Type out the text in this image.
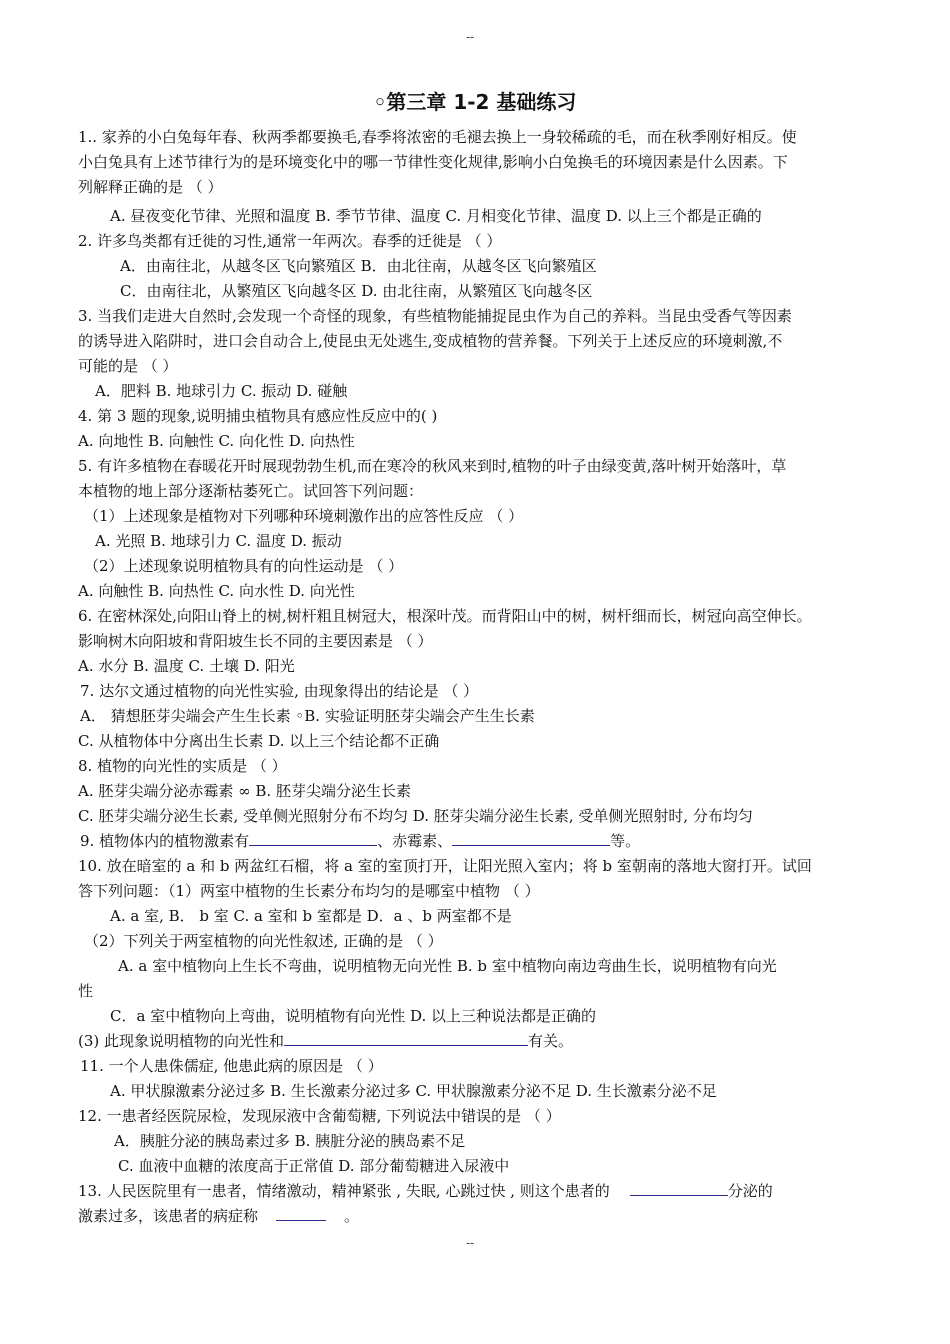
--
◦第三章 1-2 基础练习
1.. 家养的小白兔每年春、秋两季都要换毛,春季将浓密的毛褪去换上一身较稀疏的毛，而在秋季刚好相反。使
小白兔具有上述节律行为的是环境变化中的哪一节律性变化规律,影响小白兔换毛的环境因素是什么因素。下
列解释正确的是 （ ）
A. 昼夜变化节律、光照和温度 B. 季节节律、温度 C. 月相变化节律、温度 D. 以上三个都是正确的
2. 许多鸟类都有迁徙的习性,通常一年两次。春季的迁徙是 （ ）
A．由南往北，从越冬区飞向繁殖区 B．由北往南，从越冬区飞向繁殖区
C．由南往北，从繁殖区飞向越冬区 D. 由北往南，从繁殖区飞向越冬区
3. 当我们走进大自然时,会发现一个奇怪的现象，有些植物能捕捉昆虫作为自己的养料。当昆虫受香气等因素
的诱导进入陷阱时，进口会自动合上,使昆虫无处逃生,变成植物的营养餐。下列关于上述反应的环境刺激,不
可能的是 （ ）
A．肥料 B. 地球引力 C. 振动 D. 碰触
4. 第 3 题的现象,说明捕虫植物具有感应性反应中的( )
A. 向地性 B. 向触性 C. 向化性 D. 向热性
5. 有许多植物在春暖花开时展现勃勃生机,而在寒冷的秋风来到时,植物的叶子由绿变黄,落叶树开始落叶，草
本植物的地上部分逐渐枯萎死亡。试回答下列问题：
（1）上述现象是植物对下列哪种环境刺激作出的应答性反应 （ ）
A. 光照 B. 地球引力 C. 温度 D. 振动
（2）上述现象说明植物具有的向性运动是 （ ）
A. 向触性 B. 向热性 C. 向水性 D. 向光性
6. 在密林深处,向阳山脊上的树,树杆粗且树冠大，根深叶茂。而背阳山中的树，树杆细而长，树冠向高空伸长。
影响树木向阳坡和背阳坡生长不同的主要因素是 （ ）
A. 水分 B. 温度 C. 土壤 D. 阳光
7. 达尔文通过植物的向光性实验, 由现象得出的结论是 （ ）
A． 猜想胚芽尖端会产生生长素 ◦B. 实验证明胚芽尖端会产生生长素
C. 从植物体中分离出生长素 D. 以上三个结论都不正确
8. 植物的向光性的实质是 （ ）
A. 胚芽尖端分泌赤霉素 ∞ B. 胚芽尖端分泌生长素
C. 胚芽尖端分泌生长素, 受单侧光照射分布不均匀 D. 胚芽尖端分泌生长素, 受单侧光照射时, 分布均匀
9. 植物体内的植物激素有	、赤霉素、	等。
10. 放在暗室的 a 和 b 两盆红石榴，将 a 室的室顶打开，让阳光照入室内；将 b 室朝南的落地大窗打开。试回
答下列问题：（1）两室中植物的生长素分布均匀的是哪室中植物 （ ）
A. a 室, B． b 室 C. a 室和 b 室都是 D．a 、b 两室都不是
（2）下列关于两室植物的向光性叙述, 正确的是 （ ）
A. a 室中植物向上生长不弯曲，说明植物无向光性 B. b 室中植物向南边弯曲生长，说明植物有向光
性
C．a 室中植物向上弯曲，说明植物有向光性 D. 以上三种说法都是正确的
(3) 此现象说明植物的向光性和	有关。
11. 一个人患侏儒症, 他患此病的原因是 （ ）
A. 甲状腺激素分泌过多 B. 生长激素分泌过多 C. 甲状腺激素分泌不足 D. 生长激素分泌不足
12. 一患者经医院尿检，发现尿液中含葡萄糖, 下列说法中错误的是 （ ）
A．胰脏分泌的胰岛素过多 B. 胰脏分泌的胰岛素不足
C. 血液中血糖的浓度高于正常值 D. 部分葡萄糖进入尿液中
13. 人民医院里有一患者，情绪激动，精神紧张 , 失眠, 心跳过快 , 则这个患者的	分泌的
激素过多，该患者的病症称	。
--
